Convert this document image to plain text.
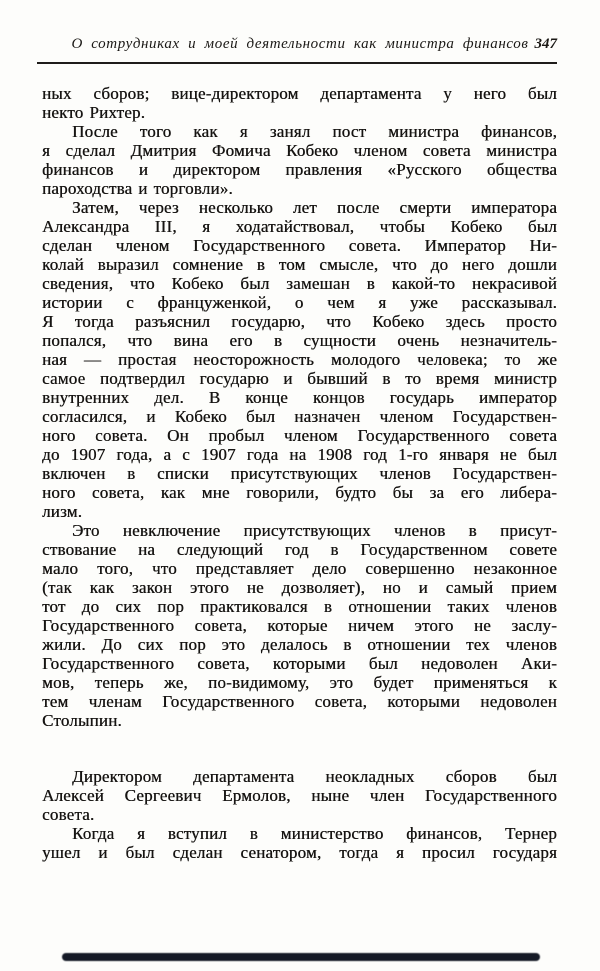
О сотрудниках и моей деятельности как министра финансов 347
ных сборов; вице-директором департамента у него был
некто Рихтер.
После того как я занял пост министра финансов,
я сделал Дмитрия Фомича Кобеко членом совета министра
финансов и директором правления «Русского общества
пароходства и торговли».
Затем, через несколько лет после смерти императора
Александра III, я ходатайствовал, чтобы Кобеко был
сделан членом Государственного совета. Император Ни-
колай выразил сомнение в том смысле, что до него дошли
сведения, что Кобеко был замешан в какой-то некрасивой
истории с француженкой, о чем я уже рассказывал.
Я тогда разъяснил государю, что Кобеко здесь просто
попался, что вина его в сущности очень незначитель-
ная — простая неосторожность молодого человека; то же
самое подтвердил государю и бывший в то время министр
внутренних дел. В конце концов государь император
согласился, и Кобеко был назначен членом Государствен-
ного совета. Он пробыл членом Государственного совета
до 1907 года, а с 1907 года на 1908 год 1-го января не был
включен в списки присутствующих членов Государствен-
ного совета, как мне говорили, будто бы за его либера-
лизм.
Это невключение присутствующих членов в присут-
ствование на следующий год в Государственном совете
мало того, что представляет дело совершенно незаконное
(так как закон этого не дозволяет), но и самый прием
тот до сих пор практиковался в отношении таких членов
Государственного совета, которые ничем этого не заслу-
жили. До сих пор это делалось в отношении тех членов
Государственного совета, которыми был недоволен Аки-
мов, теперь же, по-видимому, это будет применяться к
тем членам Государственного совета, которыми недоволен
Столыпин.
Директором департамента неокладных сборов был
Алексей Сергеевич Ермолов, ныне член Государственного
совета.
Когда я вступил в министерство финансов, Тернер
ушел и был сделан сенатором, тогда я просил государя
